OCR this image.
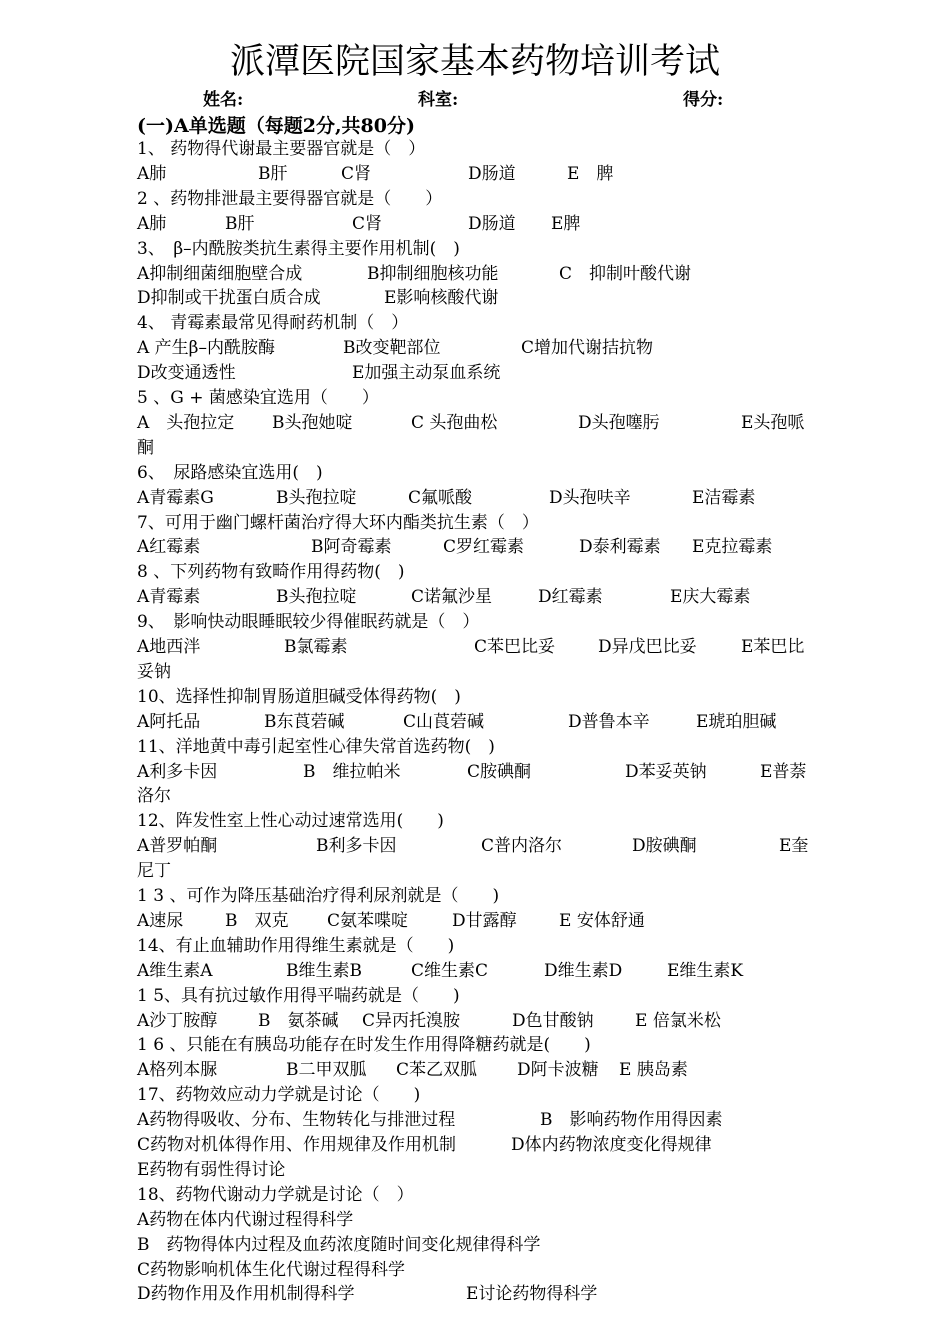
派潭医院国家基本药物培训考试
姓名:	科室:	得分:
(一)A单选题（每题2分,共80分)
1、 药物得代谢最主要器官就是（　）
A肺	B肝	C肾	D肠道	E　脾
2 、药物排泄最主要得器官就是（　　）
A肺	B肝	C肾	D肠道 E脾
3、　β–内酰胺类抗生素得主要作用机制(　)
A抑制细菌细胞壁合成	B抑制细胞核功能	C　抑制叶酸代谢
D抑制或干扰蛋白质合成	E影响核酸代谢
4、 青霉素最常见得耐药机制（　）
A 产生β–内酰胺酶	B改变靶部位	C增加代谢拮抗物
D改变通透性	E加强主动泵血系统
5 、G + 菌感染宜选用（　　）
A　头孢拉定 B头孢她啶	C 头孢曲松	D头孢噻肟	E头孢哌
酮
6、　尿路感染宜选用(　)
A青霉素G	B头孢拉啶	C氟哌酸	D头孢呋辛	E洁霉素
7、可用于幽门螺杆菌治疗得大环内酯类抗生素（　）
A红霉素	B阿奇霉素	C罗红霉素	D泰利霉素 E克拉霉素
8 、下列药物有致畸作用得药物(　)
A青霉素	B头孢拉啶	C诺氟沙星	D红霉素	E庆大霉素
9、　影响快动眼睡眠较少得催眠药就是（　）
A地西泮	B氯霉素	C苯巴比妥	D异戊巴比妥	E苯巴比
妥钠
10、选择性抑制胃肠道胆碱受体得药物(　)
A阿托品	B东莨菪碱	C山莨菪碱	D普鲁本辛	E琥珀胆碱
11、洋地黄中毒引起室性心律失常首选药物(　)
A利多卡因	B　维拉帕米	C胺碘酮	D苯妥英钠	E普萘
洛尔
12、阵发性室上性心动过速常选用(　　)
A普罗帕酮	B利多卡因	C普内洛尔	D胺碘酮	E奎
尼丁
1 3 、可作为降压基础治疗得利尿剂就是（　　)
A速尿 B　双克 C氨苯喋啶	D甘露醇 E 安体舒通
14、有止血辅助作用得维生素就是（　　)
A维生素A	B维生素B	C维生素C	D维生素D	E维生素K
1 5、具有抗过敏作用得平喘药就是（　　)
A沙丁胺醇 B　氨茶碱 C异丙托溴胺	D色甘酸钠 E 倍氯米松
1 6 、只能在有胰岛功能存在时发生作用得降糖药就是(　　)
A格列本脲	B二甲双胍 C苯乙双胍 D阿卡波糖 E 胰岛素
17、药物效应动力学就是讨论（　　)
A药物得吸收、分布、生物转化与排泄过程	B　影响药物作用得因素
C药物对机体得作用、作用规律及作用机制	D体内药物浓度变化得规律
E药物有弱性得讨论
18、药物代谢动力学就是讨论（　）
A药物在体内代谢过程得科学
B　药物得体内过程及血药浓度随时间变化规律得科学
C药物影响机体生化代谢过程得科学
D药物作用及作用机制得科学	E讨论药物得科学
